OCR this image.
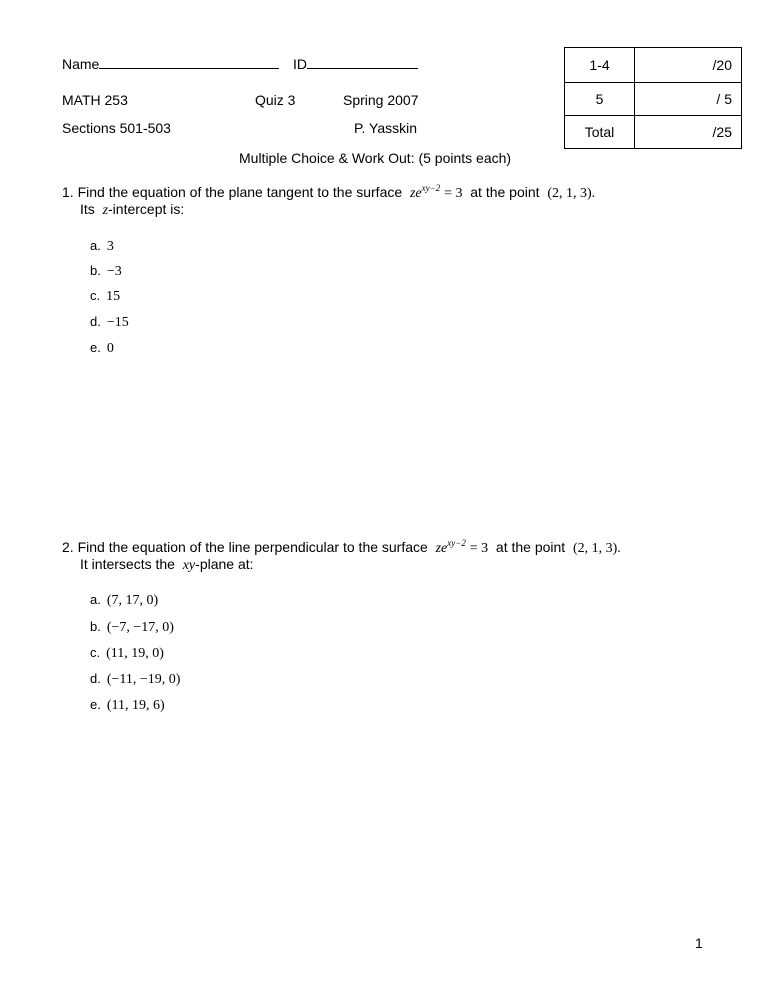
Name	ID
MATH 253	Quiz 3	Spring 2007
Sections 501-503	P. Yasskin
1-4	/20
5	/ 5
Total	/25
Multiple Choice & Work Out: (5 points each)
1. Find the equation of the plane tangent to the surface $ze^{xy-2} = 3$ at the point (2, 1, 3).
Its z-intercept is:
a. 3
b. −3
c. 15
d. −15
e. 0
2. Find the equation of the line perpendicular to the surface $ze^{xy-2} = 3$ at the point (2, 1, 3).
It intersects the xy-plane at:
a. (7, 17, 0)
b. (−7, −17, 0)
c. (11, 19, 0)
d. (−11, −19, 0)
e. (11, 19, 6)
1
